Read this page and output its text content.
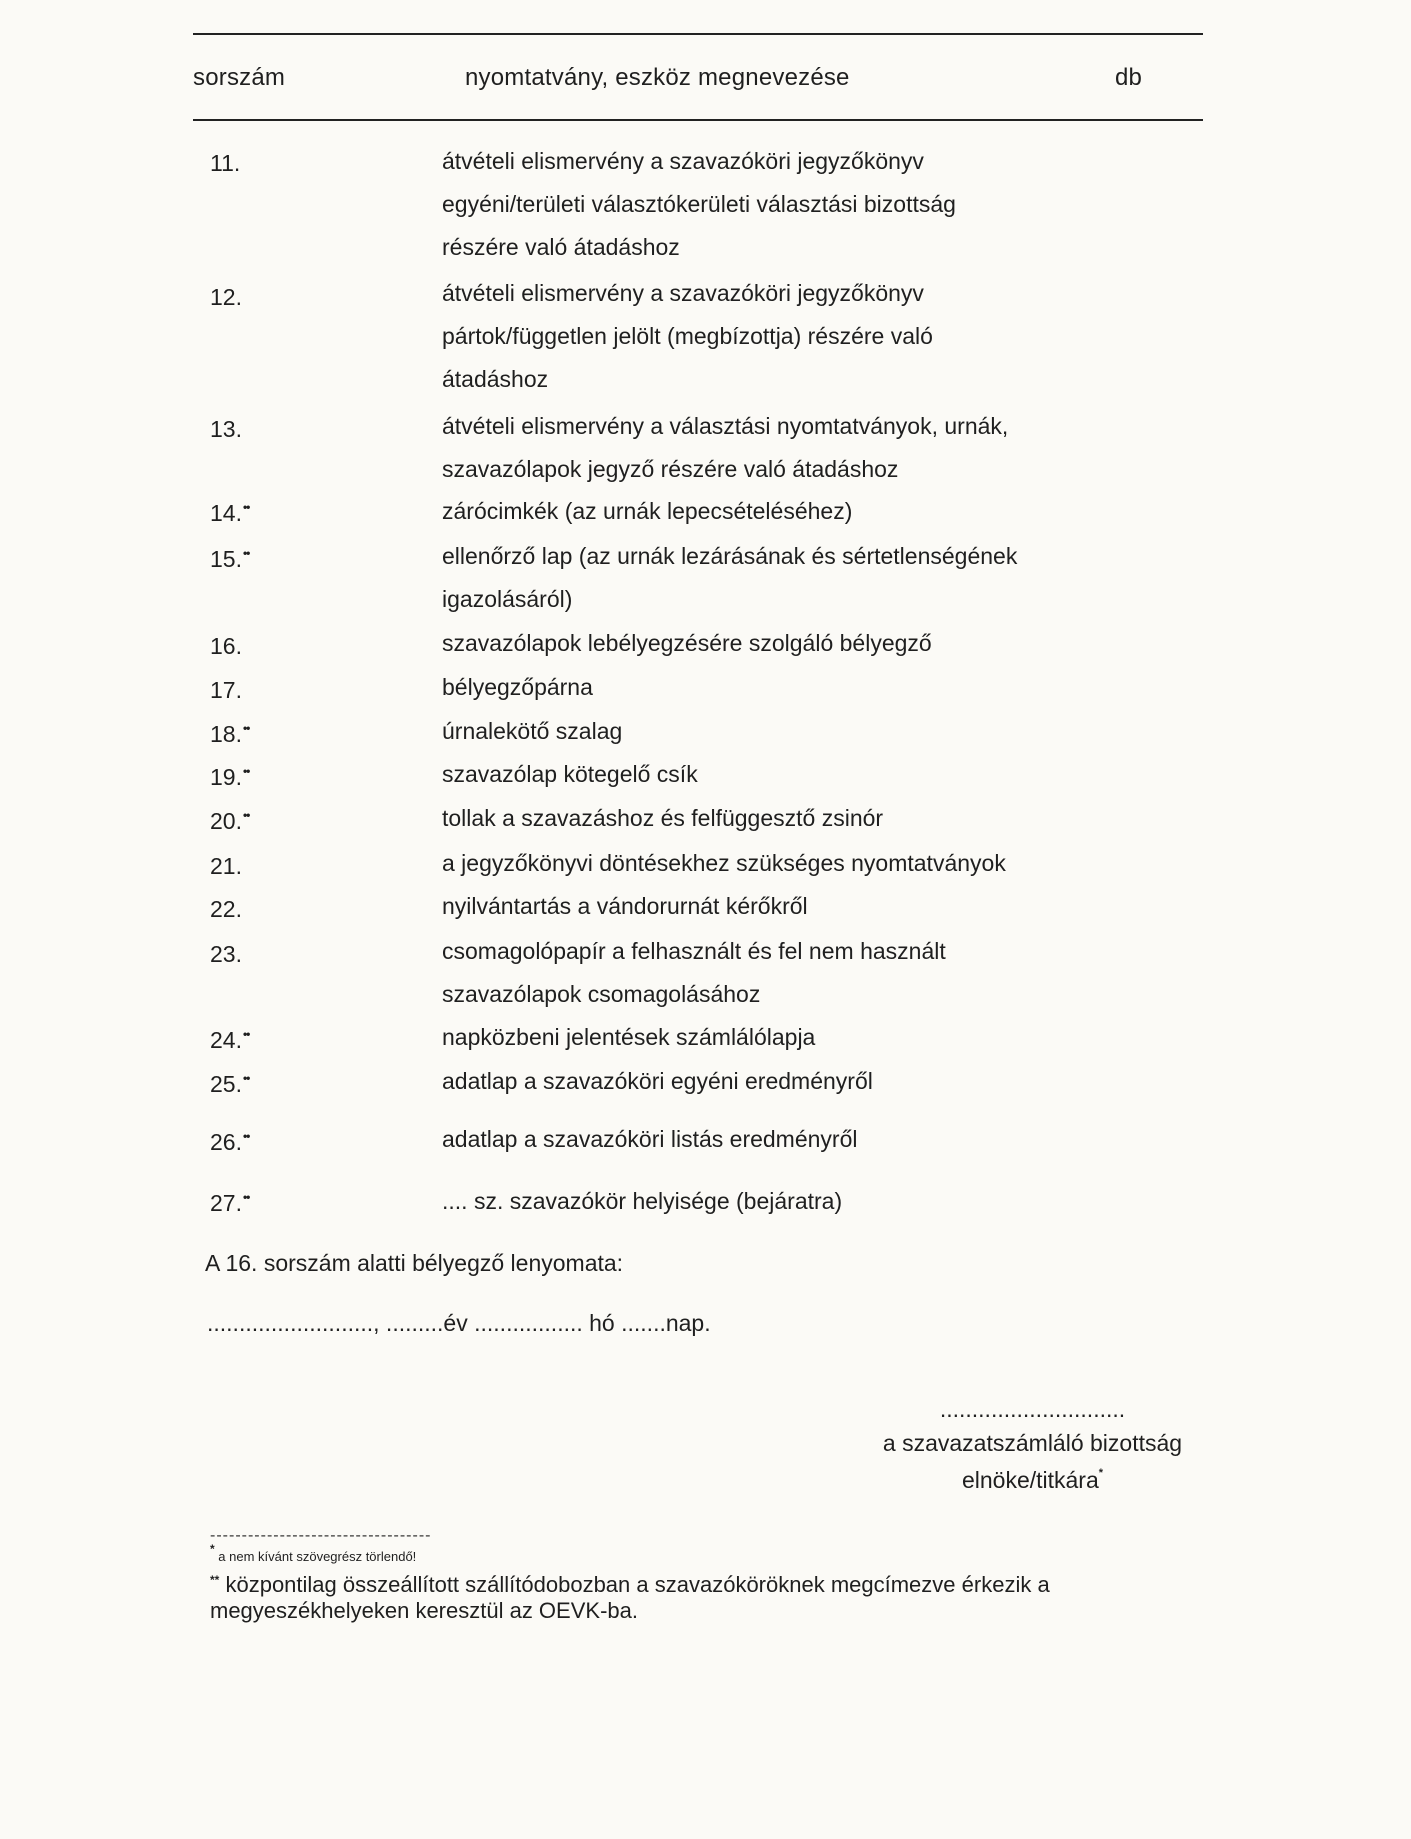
sorszám	nyomtatvány, eszköz megnevezése	db
11.	átvételi elismervény a szavazóköri jegyzőkönyv
egyéni/területi választókerületi választási bizottság
részére való átadáshoz
12.	átvételi elismervény a szavazóköri jegyzőkönyv
pártok/független jelölt (megbízottja) részére való
átadáshoz
13.	átvételi elismervény a választási nyomtatványok, urnák,
szavazólapok jegyző részére való átadáshoz
14.••	zárócimkék (az urnák lepecsételéséhez)
15.••	ellenőrző lap (az urnák lezárásának és sértetlenségének
igazolásáról)
16.	szavazólapok lebélyegzésére szolgáló bélyegző
17.	bélyegzőpárna
18.••	úrnalekötő szalag
19.••	szavazólap kötegelő csík
20.••	tollak a szavazáshoz és felfüggesztő zsinór
21.	a jegyzőkönyvi döntésekhez szükséges nyomtatványok
22.	nyilvántartás a vándorurnát kérőkről
23.	csomagolópapír a felhasznált és fel nem használt
szavazólapok csomagolásához
24.••	napközbeni jelentések számlálólapja
25.••	adatlap a szavazóköri egyéni eredményről
26.••	adatlap a szavazóköri listás eredményről
27.••	.... sz. szavazókör helyisége (bejáratra)
A 16. sorszám alatti bélyegző lenyomata:
.........................., .........év ................. hó .......nap.
.............................
a szavazatszámláló bizottság
elnöke/titkára*
-----------------------------------
* a nem kívánt szövegrész törlendő!
** központilag összeállított szállítódobozban a szavazóköröknek megcímezve érkezik a megyeszékhelyeken keresztül az OEVK-ba.
